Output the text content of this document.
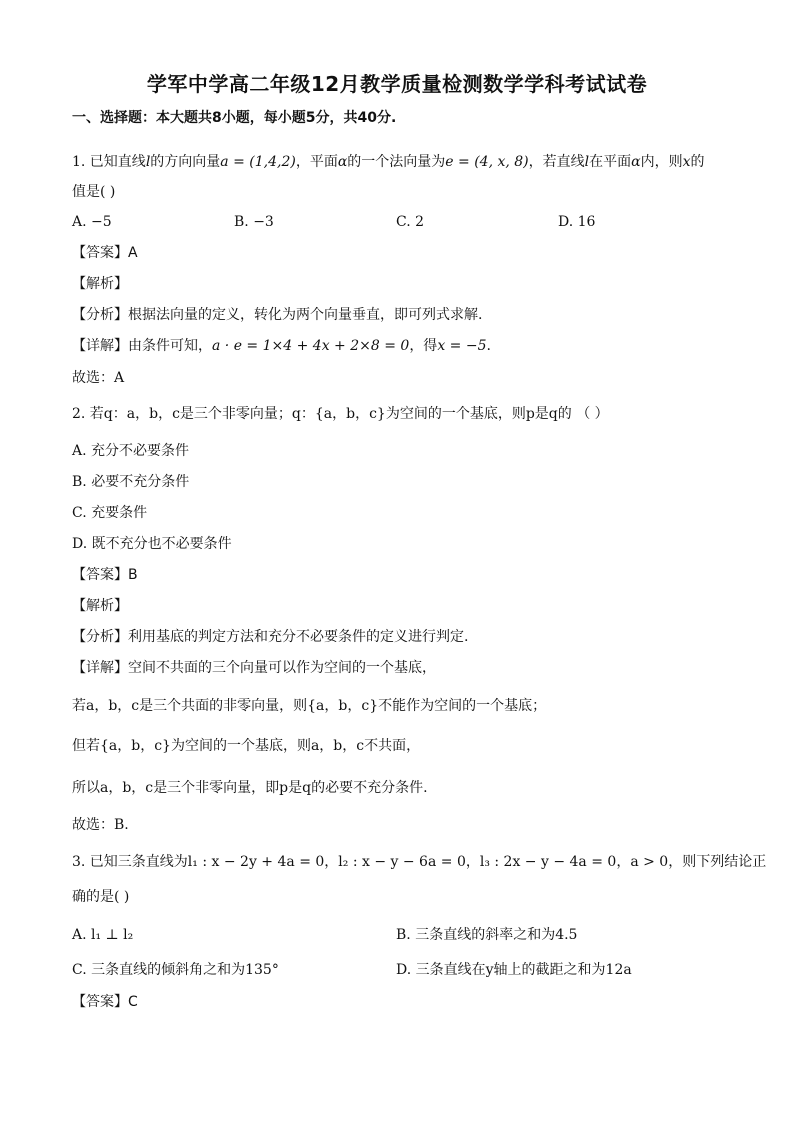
学军中学高二年级12月教学质量检测数学学科考试试卷
一、选择题：本大题共8小题，每小题5分，共40分.
1. 已知直线l的方向向量a = (1,4,2)，平面α的一个法向量为e = (4, x, 8)，若直线l在平面α内，则x的
值是( )
A. −5	B. −3	C. 2	D. 16
【答案】A
【解析】
【分析】根据法向量的定义，转化为两个向量垂直，即可列式求解.
【详解】由条件可知，a · e = 1×4 + 4x + 2×8 = 0，得x = −5.
故选：A
2. 若q：a，b，c是三个非零向量；q：{a，b，c}为空间的一个基底，则p是q的 （ ）
A. 充分不必要条件
B. 必要不充分条件
C. 充要条件
D. 既不充分也不必要条件
【答案】B
【解析】
【分析】利用基底的判定方法和充分不必要条件的定义进行判定.
【详解】空间不共面的三个向量可以作为空间的一个基底，
若a，b，c是三个共面的非零向量，则{a，b，c}不能作为空间的一个基底；
但若{a，b，c}为空间的一个基底，则a，b，c不共面，
所以a，b，c是三个非零向量，即p是q的必要不充分条件.
故选：B.
3. 已知三条直线为l₁ : x − 2y + 4a = 0，l₂ : x − y − 6a = 0，l₃ : 2x − y − 4a = 0，a > 0，则下列结论正
确的是( )
A. l₁ ⊥ l₂	B. 三条直线的斜率之和为4.5
C. 三条直线的倾斜角之和为135°	D. 三条直线在y轴上的截距之和为12a
【答案】C
